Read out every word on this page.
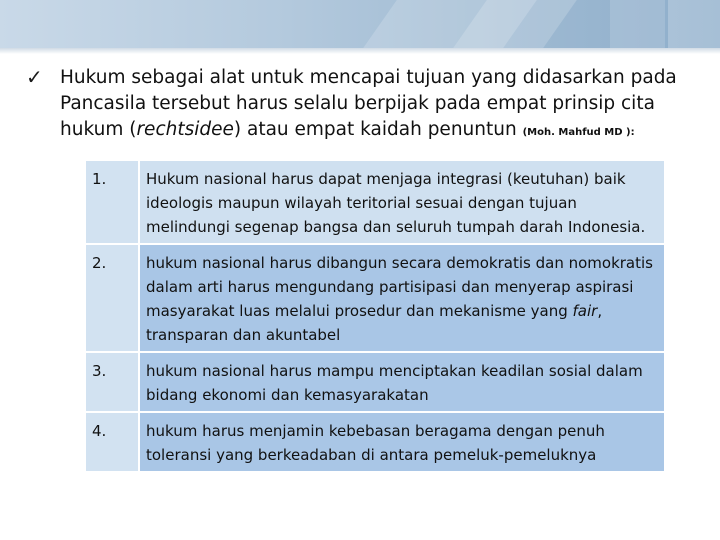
✓ Hukum sebagai alat untuk mencapai tujuan yang didasarkan pada Pancasila tersebut harus selalu berpijak pada empat prinsip cita hukum (rechtsidee) atau empat kaidah penuntun (Moh. Mahfud MD ):
1.	Hukum nasional harus dapat menjaga integrasi (keutuhan) baik ideologis maupun wilayah teritorial sesuai dengan tujuan melindungi segenap bangsa dan seluruh tumpah darah Indonesia.
2.	hukum nasional harus dibangun secara demokratis dan nomokratis dalam arti harus mengundang partisipasi dan menyerap aspirasi masyarakat luas melalui prosedur dan mekanisme yang fair, transparan dan akuntabel
3.	hukum nasional harus mampu menciptakan keadilan sosial dalam bidang ekonomi dan kemasyarakatan
4.	hukum harus menjamin kebebasan beragama dengan penuh toleransi yang berkeadaban di antara pemeluk-pemeluknya
